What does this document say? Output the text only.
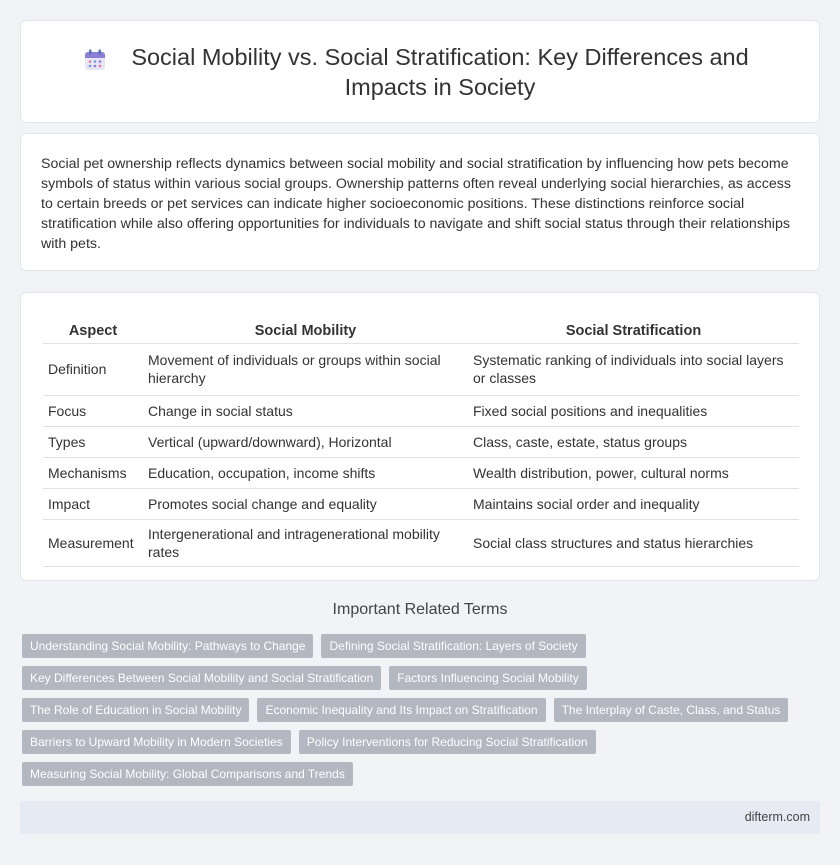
Social Mobility vs. Social Stratification: Key Differences and Impacts in Society

Social pet ownership reflects dynamics between social mobility and social stratification by influencing how pets become symbols of status within various social groups. Ownership patterns often reveal underlying social hierarchies, as access to certain breeds or pet services can indicate higher socioeconomic positions. These distinctions reinforce social stratification while also offering opportunities for individuals to navigate and shift social status through their relationships with pets.

Aspect	Social Mobility	Social Stratification
Definition	Movement of individuals or groups within social hierarchy	Systematic ranking of individuals into social layers or classes
Focus	Change in social status	Fixed social positions and inequalities
Types	Vertical (upward/downward), Horizontal	Class, caste, estate, status groups
Mechanisms	Education, occupation, income shifts	Wealth distribution, power, cultural norms
Impact	Promotes social change and equality	Maintains social order and inequality
Measurement	Intergenerational and intragenerational mobility rates	Social class structures and status hierarchies
Important Related Terms
Understanding Social Mobility: Pathways to Change	Defining Social Stratification: Layers of Society
Key Differences Between Social Mobility and Social Stratification	Factors Influencing Social Mobility
The Role of Education in Social Mobility	Economic Inequality and Its Impact on Stratification	The Interplay of Caste, Class, and Status
Barriers to Upward Mobility in Modern Societies	Policy Interventions for Reducing Social Stratification
Measuring Social Mobility: Global Comparisons and Trends
difterm.com
